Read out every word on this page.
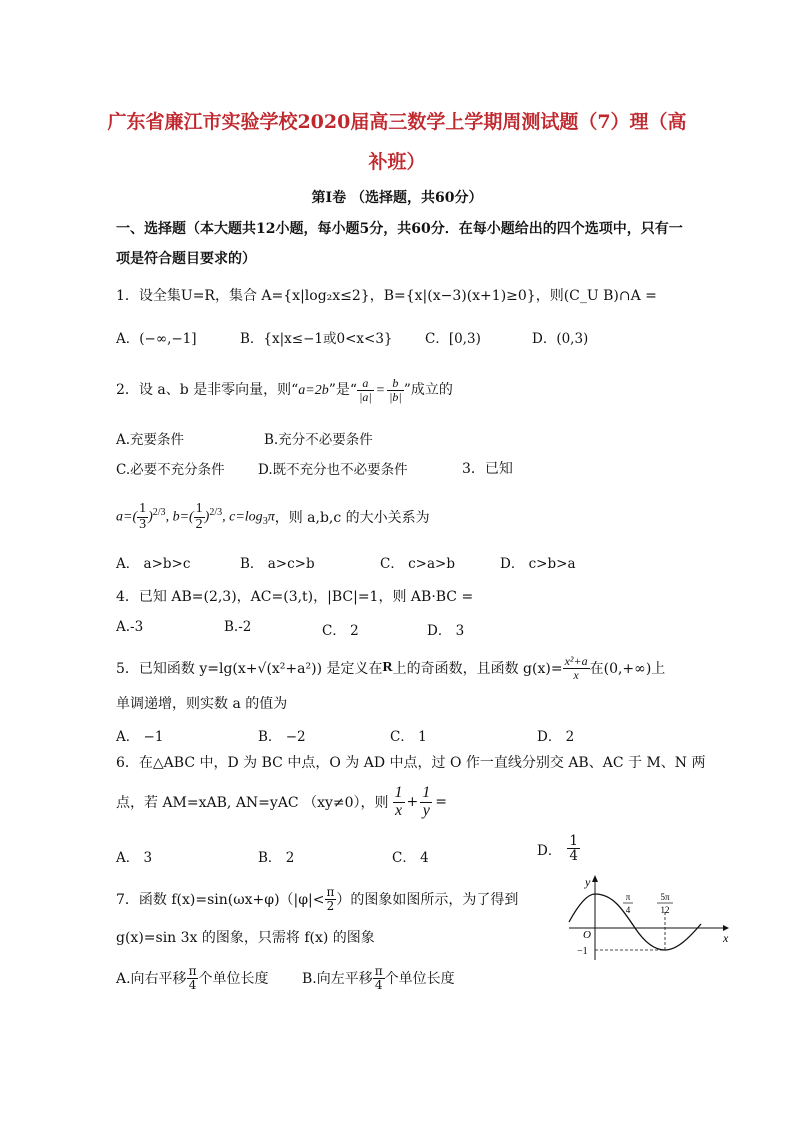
广东省廉江市实验学校2020届高三数学上学期周测试题（7）理（高
补班）
第Ⅰ卷 （选择题，共60分）
一、选择题（本大题共12小题，每小题5分，共60分．在每小题给出的四个选项中，只有一
项是符合题目要求的）
1．设全集U=R，集合 A={x|log₂x≤2}，B={x|(x−3)(x+1)≥0}，则(C_U B)∩A =
A．(−∞,−1]	B．{x|x≤−1或0<x<3} C．[0,3)	D．(0,3)
2．设 a、b 是非零向量，则“a=2b”是“ $\frac{a}{|a|} = \frac{b}{|b|}$ ”成立的
A.充要条件	B.充分不必要条件
C.必要不充分条件 D.既不充分也不必要条件	3．已知
$a=( \frac{1}{3} )^{2/3}$, $b=( \frac{1}{2} )^{2/3}$, $c=\log_3\pi$ ，则 a,b,c 的大小关系为
A． a>b>c	B． a>c>b	C． c>a>b	D． c>b>a
4．已知 AB=(2,3)，AC=(3,t)，|BC|=1，则 AB·BC =
A.-3	B.-2	C． 2	D． 3
5．已知函数 y=lg(x+√(x²+a²)) 是定义在 R 上的奇函数，且函数 $g(x)= \frac{\text{x²+a}}{x}$ 在(0,+∞)上
单调递增，则实数 a 的值为
A． −1	B． −2	C． 1	D． 2
6．在△ABC 中，D 为 BC 中点，O 为 AD 中点，过 O 作一直线分别交 AB、AC 于 M、N 两
点，若 AM=xAB, AN=yAC （xy≠0），则 $\frac{1}{x} + \frac{1}{y}$ =
A． 3	B． 2	C． 4	D． $\frac{1}{4}$
7．函数 $f(x)=\sin(\omega x+\varphi)(|\varphi|< \frac{\pi}{2}$ ）的图象如图所示，为了得到
g(x)=sin 3x 的图象，只需将 f(x) 的图象
A.向右平移 $\frac{\pi}{4}$ 个单位长度 B.向左平移 $\frac{\pi}{4}$ 个单位长度
x
y
O
−1
π
4
5π
12
